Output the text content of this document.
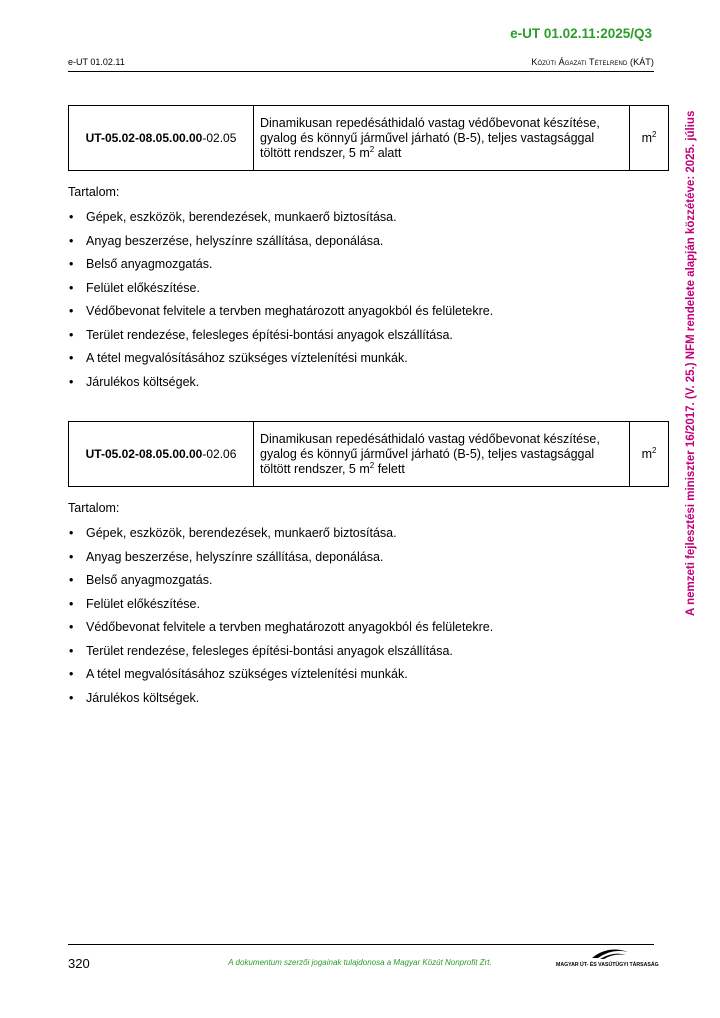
e-UT 01.02.11:2025/Q3
e-UT 01.02.11	Közúti Ágazati Tételrend (KÁT)
A nemzeti fejlesztési miniszter 16/2017. (V. 25.) NFM rendelete alapján közzétéve: 2025. július
UT-05.02-08.05.00.00-02.05	Dinamikusan repedésáthidaló vastag védőbevonat készítése,
gyalog és könnyű járművel járható (B-5), teljes vastagsággal
töltött rendszer, 5 $m^2$ alatt	$m^2$
Tartalom:
• Gépek, eszközök, berendezések, munkaerő biztosítása.
• Anyag beszerzése, helyszínre szállítása, deponálása.
• Belső anyagmozgatás.
• Felület előkészítése.
• Védőbevonat felvitele a tervben meghatározott anyagokból és felületekre.
• Terület rendezése, felesleges építési-bontási anyagok elszállítása.
• A tétel megvalósításához szükséges víztelenítési munkák.
• Járulékos költségek.
UT-05.02-08.05.00.00-02.06	Dinamikusan repedésáthidaló vastag védőbevonat készítése,
gyalog és könnyű járművel járható (B-5), teljes vastagsággal
töltött rendszer, 5 $m^2$ felett	$m^2$
Tartalom:
• Gépek, eszközök, berendezések, munkaerő biztosítása.
• Anyag beszerzése, helyszínre szállítása, deponálása.
• Belső anyagmozgatás.
• Felület előkészítése.
• Védőbevonat felvitele a tervben meghatározott anyagokból és felületekre.
• Terület rendezése, felesleges építési-bontási anyagok elszállítása.
• A tétel megvalósításához szükséges víztelenítési munkák.
• Járulékos költségek.
320	A dokumentum szerzői jogainak tulajdonosa a Magyar Közút Nonprofit Zrt.	MAGYAR ÚT- ÉS VASÚTÜGYI TÁRSASÁG
